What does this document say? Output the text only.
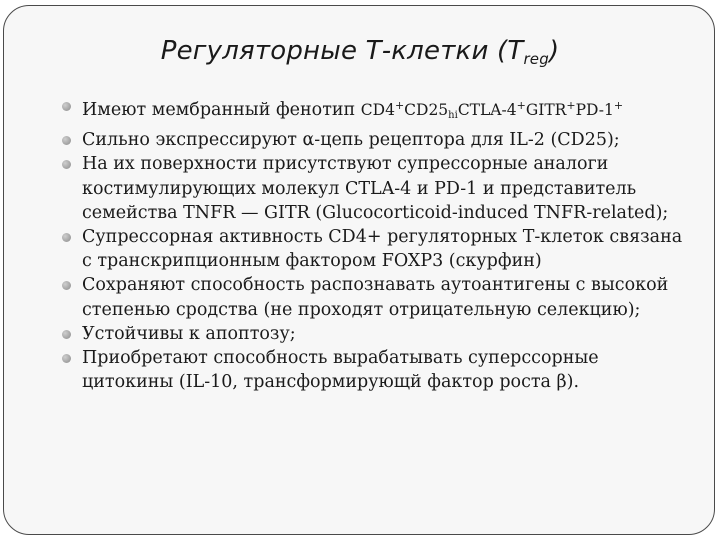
Регуляторные Т-клетки $(T_{reg})$
Имеют мембранный фенотип $CD4^+CD25_{hi}CTLA-4^+GITR^+PD-1^+$
Сильно экспрессируют α-цепь рецептора для IL-2 (CD25);
На их поверхности присутствуют супрессорные аналоги костимулирующих молекул CTLA-4 и PD-1 и представитель семейства TNFR — GITR (Glucocorticoid-induced TNFR-related);
Супрессорная активность CD4+ регуляторных Т-клеток связана с транскрипционным фактором FOXP3 (скурфин)
Сохраняют способность распознавать аутоантигены с высокой степенью сродства (не проходят отрицательную селекцию);
Устойчивы к апоптозу;
Приобретают способность вырабатывать суперссорные цитокины (IL-10, трансформирующй фактор роста β).
